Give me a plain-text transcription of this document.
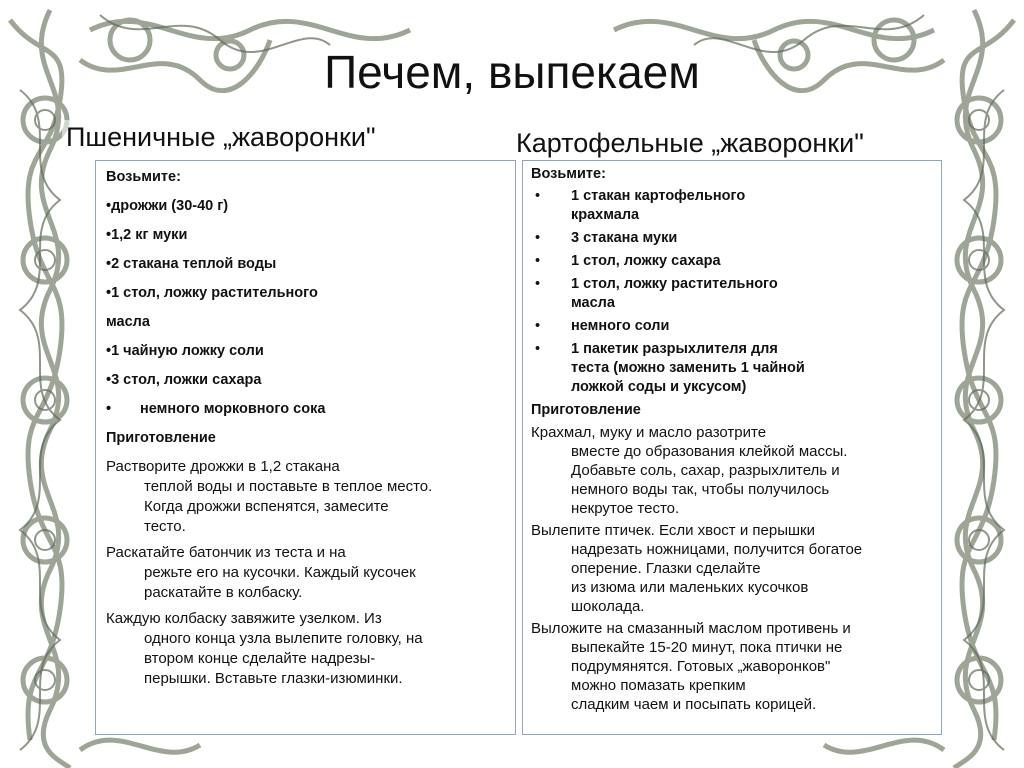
Печем, выпекаем
Пшеничные „жаворонки"	Картофельные „жаворонки"
Возьмите:
•дрожжи (30-40 г)
•1,2 кг муки
•2 стакана теплой воды
•1 стол, ложку растительного
масла
•1 чайную ложку соли
•3 стол, ложки сахара
• немного морковного сока
Приготовление
Растворите дрожжи в 1,2 стакана
теплой воды и поставьте в теплое место.
Когда дрожжи вспенятся, замесите
тесто.
Раскатайте батончик из теста и на
режьте его на кусочки. Каждый кусочек
раскатайте в колбаску.
Каждую колбаску завяжите узелком. Из
одного конца узла вылепите головку, на
втором конце сделайте надрезы-
перышки. Вставьте глазки-изюминки.
Возьмите:
• 1 стакан картофельного
крахмала
• 3 стакана муки
• 1 стол, ложку сахара
• 1 стол, ложку растительного
масла
• немного соли
• 1 пакетик разрыхлителя для
теста (можно заменить 1 чайной
ложкой соды и уксусом)
Приготовление
Крахмал, муку и масло разотрите
вместе до образования клейкой массы.
Добавьте соль, сахар, разрыхлитель и
немного воды так, чтобы получилось
некрутое тесто.
Вылепите птичек. Если хвост и перышки
надрезать ножницами, получится богатое
оперение. Глазки сделайте
из изюма или маленьких кусочков
шоколада.
Выложите на смазанный маслом противень и
выпекайте 15-20 минут, пока птички не
подрумянятся. Готовых „жаворонков"
можно помазать крепким
сладким чаем и посыпать корицей.
